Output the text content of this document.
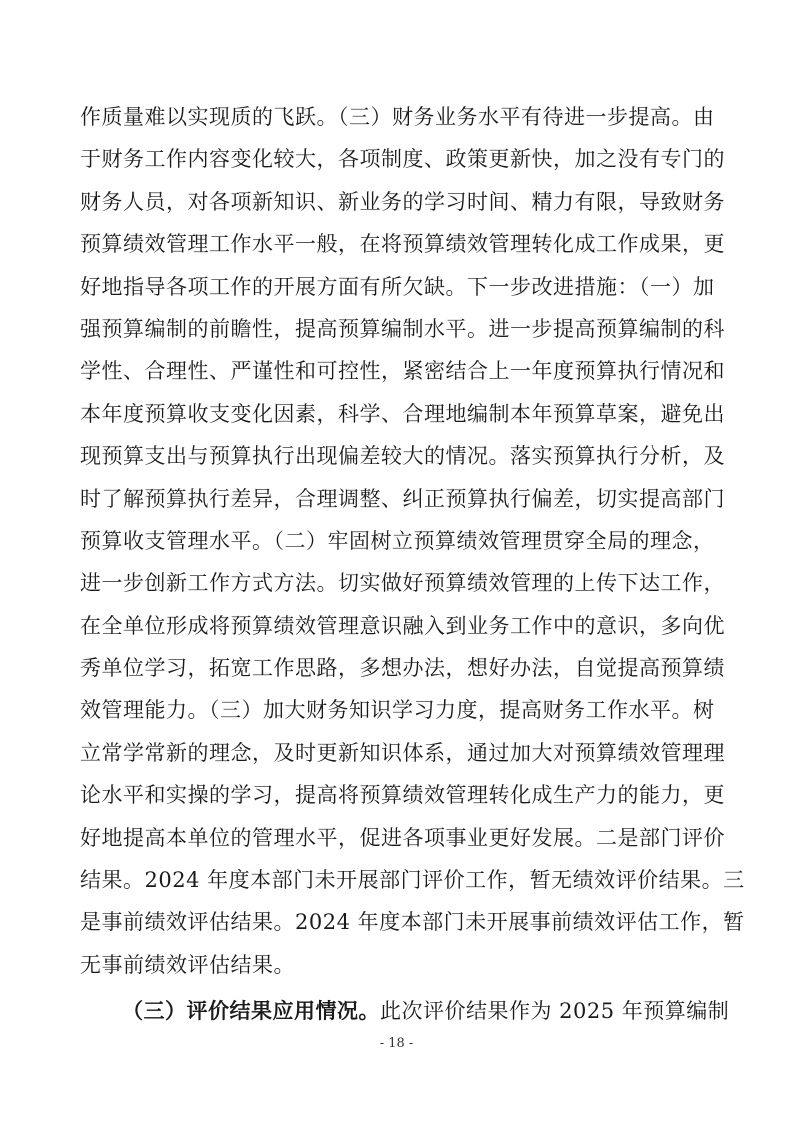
作质量难以实现质的飞跃。（三）财务业务水平有待进一步提高。由
于财务工作内容变化较大，各项制度、政策更新快，加之没有专门的
财务人员，对各项新知识、新业务的学习时间、精力有限，导致财务
预算绩效管理工作水平一般，在将预算绩效管理转化成工作成果，更
好地指导各项工作的开展方面有所欠缺。下一步改进措施：（一）加
强预算编制的前瞻性，提高预算编制水平。进一步提高预算编制的科
学性、合理性、严谨性和可控性，紧密结合上一年度预算执行情况和
本年度预算收支变化因素，科学、合理地编制本年预算草案，避免出
现预算支出与预算执行出现偏差较大的情况。落实预算执行分析，及
时了解预算执行差异，合理调整、纠正预算执行偏差，切实提高部门
预算收支管理水平。（二）牢固树立预算绩效管理贯穿全局的理念，
进一步创新工作方式方法。切实做好预算绩效管理的上传下达工作，
在全单位形成将预算绩效管理意识融入到业务工作中的意识，多向优
秀单位学习，拓宽工作思路，多想办法，想好办法，自觉提高预算绩
效管理能力。（三）加大财务知识学习力度，提高财务工作水平。树
立常学常新的理念，及时更新知识体系，通过加大对预算绩效管理理
论水平和实操的学习，提高将预算绩效管理转化成生产力的能力，更
好地提高本单位的管理水平，促进各项事业更好发展。二是部门评价
结果。2024 年度本部门未开展部门评价工作，暂无绩效评价结果。三
是事前绩效评估结果。2024 年度本部门未开展事前绩效评估工作，暂
无事前绩效评估结果。
（三）评价结果应用情况。此次评价结果作为 2025 年预算编制
- 18 -
